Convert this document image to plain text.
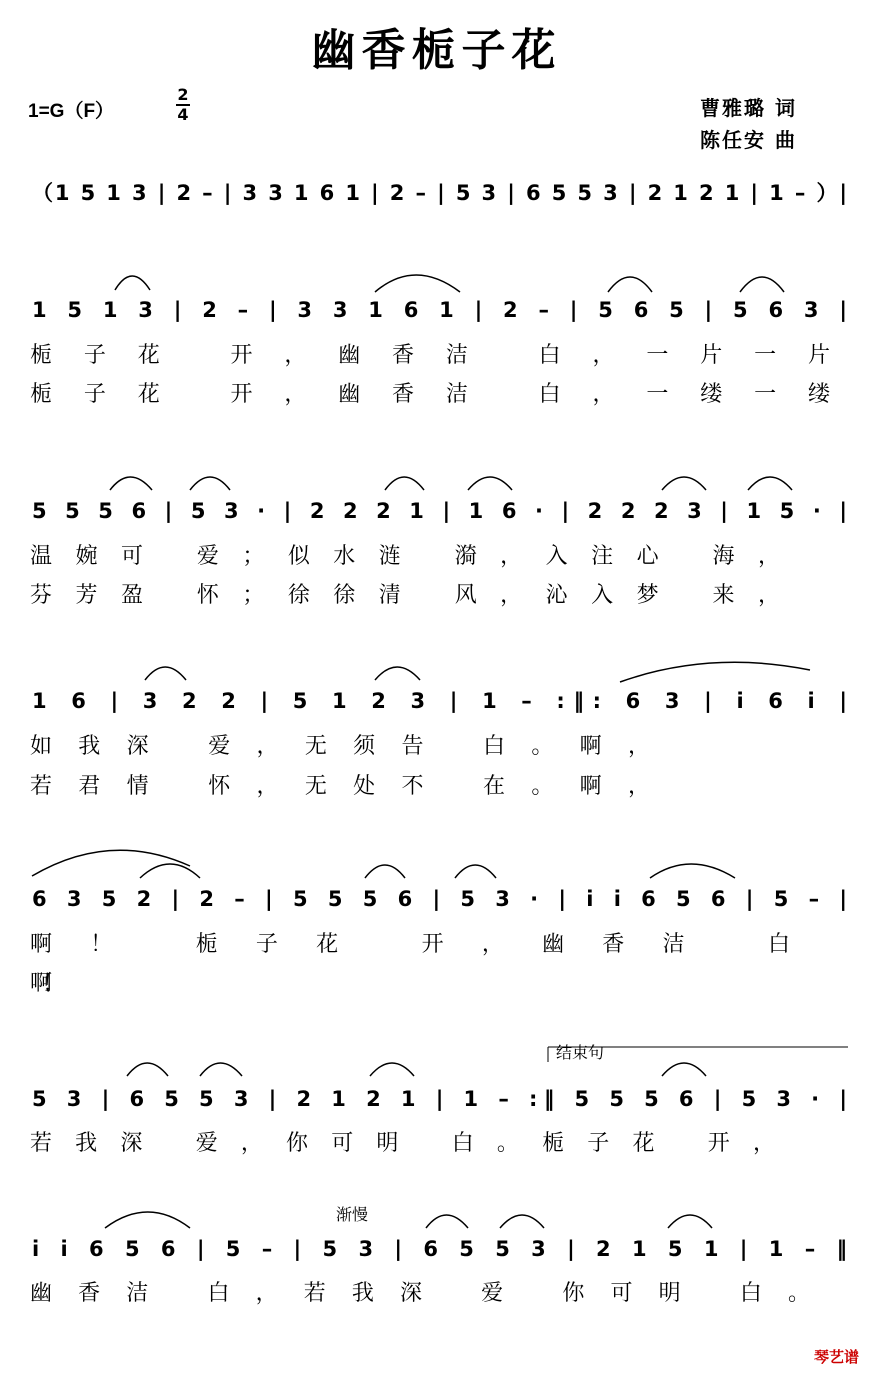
幽香栀子花
1=G（F）
2
4	曹雅璐 词
陈任安 曲
（1 5 1 3 | 2 – | 3 3 1 6 1 | 2 – | 5 3 | 6 5 5 3 | 2 1 2 1 | 1 – ）|
1 5 1 3 | 2 – | 3 3 1 6 1 | 2 – | 5 6 5 | 5 6 3 |
5 5 5 6 | 5 3 · | 2 2 2 1 | 1 6 · | 2 2 2 3 | 1 5 · |
1 6 | 3 2 2 | 5 1 2 3 | 1 – :‖: 6 3 | i 6 i |
6 3 5 2 | 2 – | 5 5 5 6 | 5 3 · | i i 6 5 6 | 5 – |
5 3 | 6 5 5 3 | 2 1 2 1 | 1 – :‖ 5 5 5 6 | 5 3 · |
i i 6 5 6 | 5 – | 5 3 | 6 5 5 3 | 2 1 5 1 | 1 – ‖
栀子花 开，幽香洁 白，一片一片
栀子花 开，幽香洁 白，一缕一缕
温婉可 爱；似水涟 漪，入注心 海，
芬芳盈 怀；徐徐清 风，沁入梦 来，
如我深 爱，无须告 白。啊，
若君情 怀，无处不 在。啊，
啊！ 栀子花 开，幽香洁 白
啊！
若我深 爱，你可明 白。栀子花 开，
幽香洁 白，若我深 爱 你可明 白。
结束句
渐慢
琴艺谱
